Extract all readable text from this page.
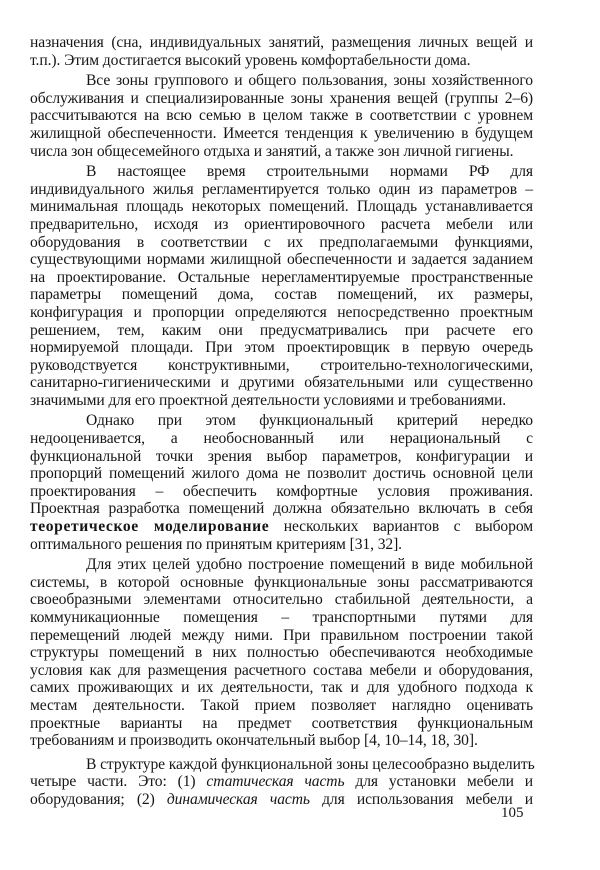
назначения (сна, индивидуальных занятий, размещения личных вещей и
т.п.). Этим достигается высокий уровень комфортабельности дома.

Все зоны группового и общего пользования, зоны хозяйственного
обслуживания и специализированные зоны хранения вещей (группы 2–6)
рассчитываются на всю семью в целом также в соответствии с уровнем
жилищной обеспеченности. Имеется тенденция к увеличению в будущем
числа зон общесемейного отдыха и занятий, а также зон личной гигиены.

В настоящее время строительными нормами РФ для
индивидуального жилья регламентируется только один из параметров –
минимальная площадь некоторых помещений. Площадь устанавливается
предварительно, исходя из ориентировочного расчета мебели или
оборудования в соответствии с их предполагаемыми функциями,
существующими нормами жилищной обеспеченности и задается заданием
на проектирование. Остальные нерегламентируемые пространственные
параметры помещений дома, состав помещений, их размеры,
конфигурация и пропорции определяются непосредственно проектным
решением, тем, каким они предусматривались при расчете его
нормируемой площади. При этом проектировщик в первую очередь
руководствуется конструктивными, строительно-технологическими,
санитарно-гигиеническими и другими обязательными или существенно
значимыми для его проектной деятельности условиями и требованиями.

Однако при этом функциональный критерий нередко
недооценивается, а необоснованный или нерациональный с
функциональной точки зрения выбор параметров, конфигурации и
пропорций помещений жилого дома не позволит достичь основной цели
проектирования – обеспечить комфортные условия проживания.
Проектная разработка помещений должна обязательно включать в себя
теоретическое моделирование нескольких вариантов с выбором
оптимального решения по принятым критериям [31, 32].

Для этих целей удобно построение помещений в виде мобильной
системы, в которой основные функциональные зоны рассматриваются
своеобразными элементами относительно стабильной деятельности, а
коммуникационные помещения – транспортными путями для
перемещений людей между ними. При правильном построении такой
структуры помещений в них полностью обеспечиваются необходимые
условия как для размещения расчетного состава мебели и оборудования,
самих проживающих и их деятельности, так и для удобного подхода к
местам деятельности. Такой прием позволяет наглядно оценивать
проектные варианты на предмет соответствия функциональным
требованиям и производить окончательный выбор [4, 10–14, 18, 30].

В структуре каждой функциональной зоны целесообразно выделить
четыре части. Это: (1) статическая часть для установки мебели и
оборудования; (2) динамическая часть для использования мебели и

105
